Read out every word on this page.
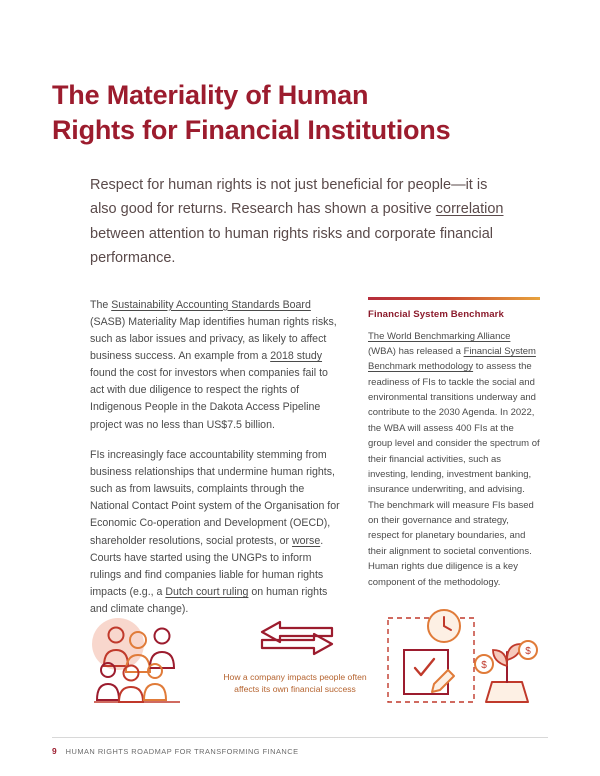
The Materiality of Human
Rights for Financial Institutions

Respect for human rights is not just beneficial for people—it is also good for returns. Research has shown a positive correlation between attention to human rights risks and corporate financial performance.

The Sustainability Accounting Standards Board (SASB) Materiality Map identifies human rights risks, such as labor issues and privacy, as likely to affect business success. An example from a 2018 study found the cost for investors when companies fail to act with due diligence to respect the rights of Indigenous People in the Dakota Access Pipeline project was no less than US$7.5 billion.

FIs increasingly face accountability stemming from business relationships that undermine human rights, such as from lawsuits, complaints through the National Contact Point system of the Organisation for Economic Co-operation and Development (OECD), shareholder resolutions, social protests, or worse. Courts have started using the UNGPs to inform rulings and find companies liable for human rights impacts (e.g., a Dutch court ruling on human rights and climate change).

Financial System Benchmark

The World Benchmarking Alliance (WBA) has released a Financial System Benchmark methodology to assess the readiness of FIs to tackle the social and environmental transitions underway and contribute to the 2030 Agenda. In 2022, the WBA will assess 400 FIs at the group level and consider the spectrum of their financial activities, such as investing, lending, investment banking, insurance underwriting, and advising. The benchmark will measure FIs based on their governance and strategy, respect for planetary boundaries, and their alignment to societal conventions. Human rights due diligence is a key component of the methodology.

How a company impacts people often affects its own financial success
$
$
9 HUMAN RIGHTS ROADMAP FOR TRANSFORMING FINANCE
